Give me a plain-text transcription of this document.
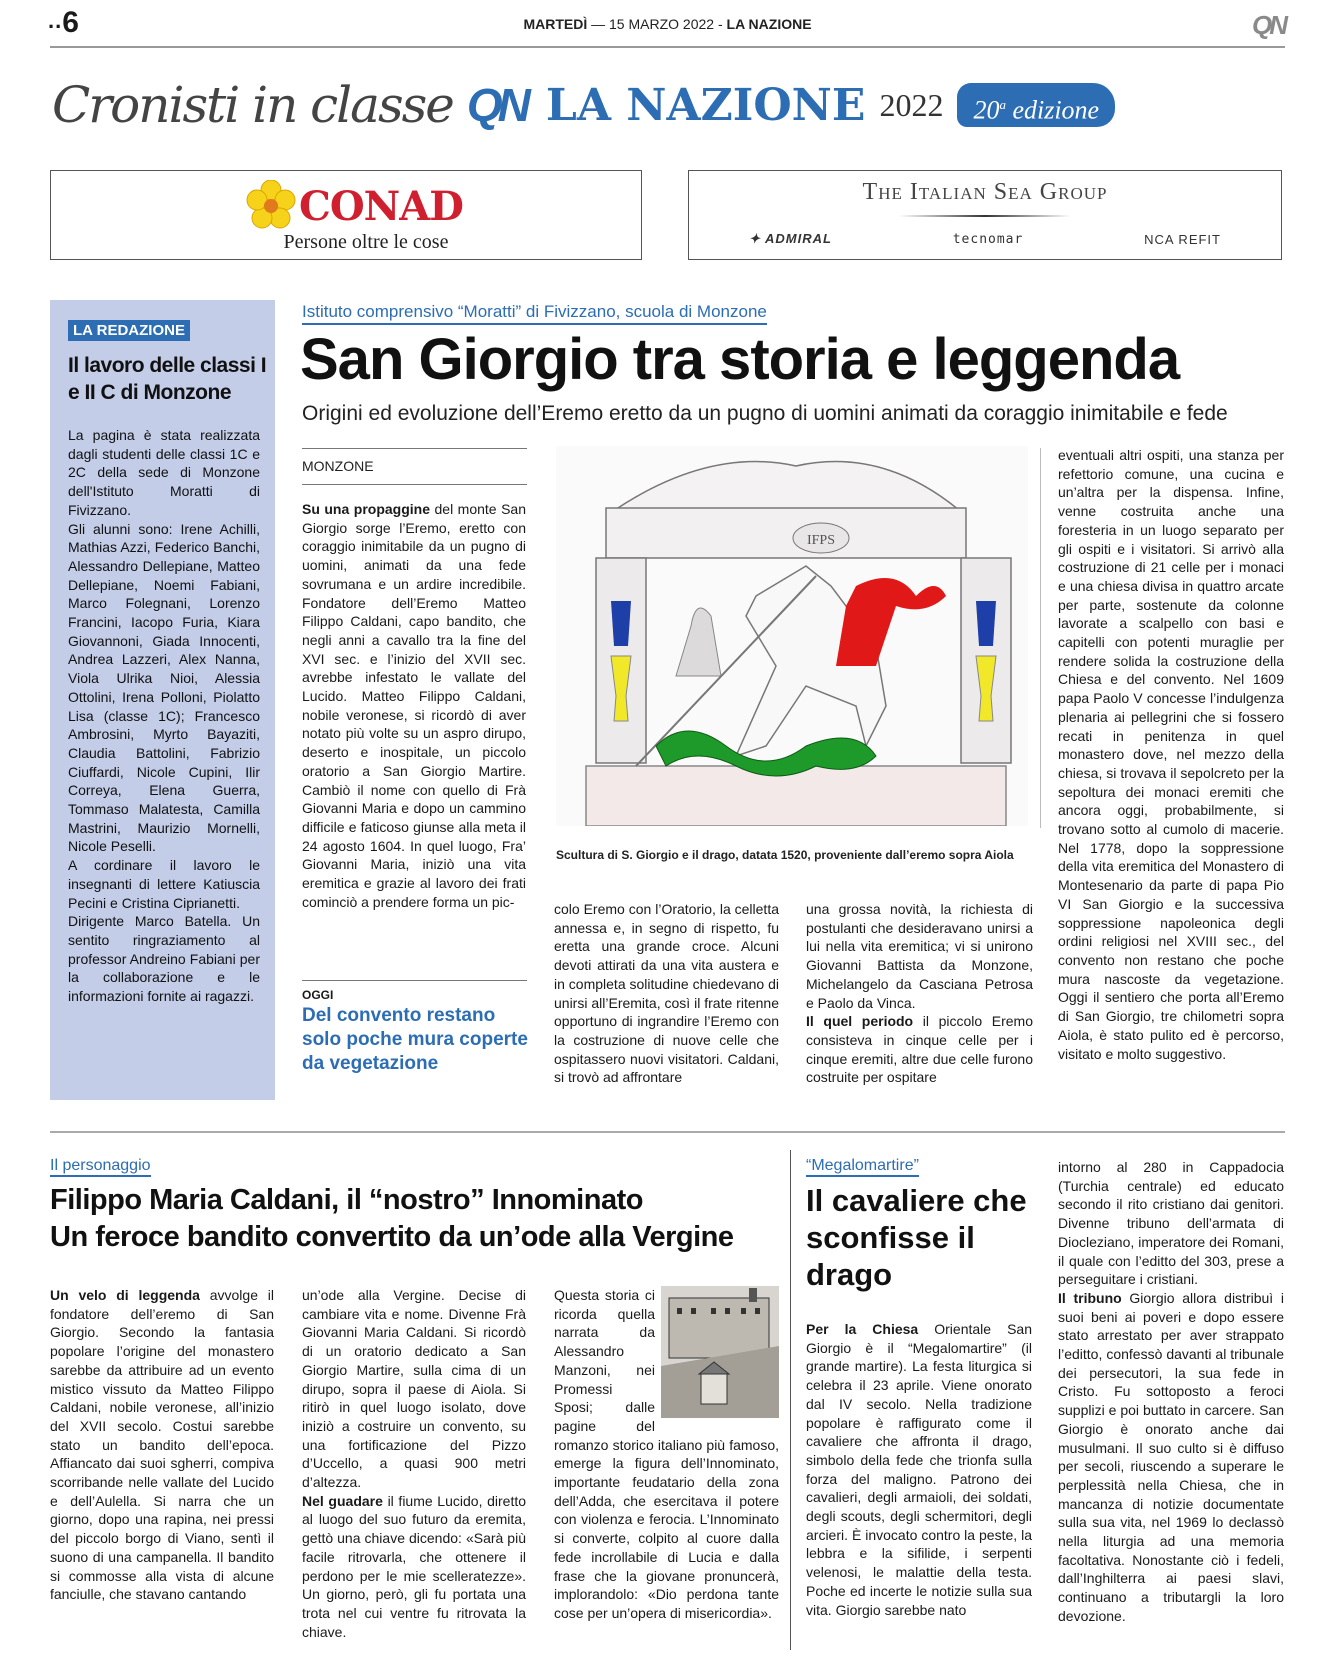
..6	MARTEDÌ — 15 MARZO 2022 - LA NAZIONE	QN
Cronisti in classe QN LA NAZIONE 2022	20$^a$ edizione
CONAD
Persone oltre le cose
The Italian Sea Group
✦ ADMIRAL	tecnomar	NCA REFIT
LA REDAZIONE
Il lavoro delle classi I e II C di Monzone

La pagina è stata realizzata dagli studenti delle classi 1C e 2C della sede di Monzone dell'Istituto Moratti di Fivizzano.

Gli alunni sono: Irene Achilli, Mathias Azzi, Federico Banchi, Alessandro Dellepiane, Matteo Dellepiane, Noemi Fabiani, Marco Folegnani, Lorenzo Francini, Iacopo Furia, Kiara Giovannoni, Giada Innocenti, Andrea Lazzeri, Alex Nanna, Viola Ulrika Nioi, Alessia Ottolini, Irena Polloni, Piolatto Lisa (classe 1C); Francesco Ambrosini, Myrto Bayaziti, Claudia Battolini, Fabrizio Ciuffardi, Nicole Cupini, Ilir Correya, Elena Guerra, Tommaso Malatesta, Camilla Mastrini, Maurizio Mornelli, Nicole Peselli.

A cordinare il lavoro le insegnanti di lettere Katiuscia Pecini e Cristina Ciprianetti.

Dirigente Marco Batella. Un sentito ringraziamento al professor Andreino Fabiani per la collaborazione e le informazioni fornite ai ragazzi.

Istituto comprensivo “Moratti” di Fivizzano, scuola di Monzone
San Giorgio tra storia e leggenda
Origini ed evoluzione dell’Eremo eretto da un pugno di uomini animati da coraggio inimitabile e fede
MONZONE

Su una propaggine del monte San Giorgio sorge l’Eremo, eretto con coraggio inimitabile da un pugno di uomini, animati da una fede sovrumana e un ardire incredibile. Fondatore dell’Eremo Matteo Filippo Caldani, capo bandito, che negli anni a cavallo tra la fine del XVI sec. e l’inizio del XVII sec. avrebbe infestato le vallate del Lucido. Matteo Filippo Caldani, nobile veronese, si ricordò di aver notato più volte su un aspro dirupo, deserto e inospitale, un piccolo oratorio a San Giorgio Martire. Cambiò il nome con quello di Frà Giovanni Maria e dopo un cammino difficile e faticoso giunse alla meta il 24 agosto 1604. In quel luogo, Fra’ Giovanni Maria, iniziò una vita eremitica e grazie al lavoro dei frati cominciò a prendere forma un pic-

OGGI
Del convento restano solo poche mura coperte da vegetazione
IFPS
Scultura di S. Giorgio e il drago, datata 1520, proveniente dall’eremo sopra Aiola

colo Eremo con l’Oratorio, la celletta annessa e, in segno di rispetto, fu eretta una grande croce. Alcuni devoti attirati da una vita austera e in completa solitudine chiedevano di unirsi all’Eremita, così il frate ritenne opportuno di ingrandire l’Eremo con la costruzione di nuove celle che ospitassero nuovi visitatori. Caldani, si trovò ad affrontare

una grossa novità, la richiesta di postulanti che desideravano unirsi a lui nella vita eremitica; vi si unirono Giovanni Battista da Monzone, Michelangelo da Casciana Petrosa e Paolo da Vinca.

Il quel periodo il piccolo Eremo consisteva in cinque celle per i cinque eremiti, altre due celle furono costruite per ospitare

eventuali altri ospiti, una stanza per refettorio comune, una cucina e un’altra per la dispensa. Infine, venne costruita anche una foresteria in un luogo separato per gli ospiti e i visitatori. Si arrivò alla costruzione di 21 celle per i monaci e una chiesa divisa in quattro arcate per parte, sostenute da colonne lavorate a scalpello con basi e capitelli con potenti muraglie per rendere solida la costruzione della Chiesa e del convento. Nel 1609 papa Paolo V concesse l’indulgenza plenaria ai pellegrini che si fossero recati in penitenza in quel monastero dove, nel mezzo della chiesa, si trovava il sepolcreto per la sepoltura dei monaci eremiti che ancora oggi, probabilmente, si trovano sotto al cumolo di macerie. Nel 1778, dopo la soppressione della vita eremitica del Monastero di Montesenario da parte di papa Pio VI San Giorgio e la successiva soppressione napoleonica degli ordini religiosi nel XVIII sec., del convento non restano che poche mura nascoste da vegetazione. Oggi il sentiero che porta all’Eremo di San Giorgio, tre chilometri sopra Aiola, è stato pulito ed è percorso, visitato e molto suggestivo.

Il personaggio
Filippo Maria Caldani, il “nostro” Innominato
Un feroce bandito convertito da un’ode alla Vergine

Un velo di leggenda avvolge il fondatore dell’eremo di San Giorgio. Secondo la fantasia popolare l’origine del monastero sarebbe da attribuire ad un evento mistico vissuto da Matteo Filippo Caldani, nobile veronese, all’inizio del XVII secolo. Costui sarebbe stato un bandito dell’epoca. Affiancato dai suoi sgherri, compiva scorribande nelle vallate del Lucido e dell’Aulella. Si narra che un giorno, dopo una rapina, nei pressi del piccolo borgo di Viano, sentì il suono di una campanella. Il bandito si commosse alla vista di alcune fanciulle, che stavano cantando

un’ode alla Vergine. Decise di cambiare vita e nome. Divenne Frà Giovanni Maria Caldani. Si ricordò di un oratorio dedicato a San Giorgio Martire, sulla cima di un dirupo, sopra il paese di Aiola. Si ritirò in quel luogo isolato, dove iniziò a costruire un convento, su una fortificazione del Pizzo d’Uccello, a quasi 900 metri d’altezza.

Nel guadare il fiume Lucido, diretto al luogo del suo futuro da eremita, gettò una chiave dicendo: «Sarà più facile ritrovarla, che ottenere il perdono per le mie scelleratezze». Un giorno, però, gli fu portata una trota nel cui ventre fu ritrovata la chiave.

Questa storia ci ricorda quella narrata da Alessandro Manzoni, nei Promessi Sposi; dalle pagine del romanzo storico italiano più famoso, emerge la figura dell’Innominato, importante feudatario della zona dell’Adda, che esercitava il potere con violenza e ferocia. L’Innominato si converte, colpito al cuore dalla fede incrollabile di Lucia e dalla frase che la giovane pronuncerà, implorandolo: «Dio perdona tante cose per un’opera di misericordia».

“Megalomartire”
Il cavaliere che sconfisse il drago

Per la Chiesa Orientale San Giorgio è il “Megalomartire” (il grande martire). La festa liturgica si celebra il 23 aprile. Viene onorato dal IV secolo. Nella tradizione popolare è raffigurato come il cavaliere che affronta il drago, simbolo della fede che trionfa sulla forza del maligno. Patrono dei cavalieri, degli armaioli, dei soldati, degli scouts, degli schermitori, degli arcieri. È invocato contro la peste, la lebbra e la sifilide, i serpenti velenosi, le malattie della testa. Poche ed incerte le notizie sulla sua vita. Giorgio sarebbe nato

intorno al 280 in Cappadocia (Turchia centrale) ed educato secondo il rito cristiano dai genitori. Divenne tribuno dell’armata di Diocleziano, imperatore dei Romani, il quale con l’editto del 303, prese a perseguitare i cristiani.

Il tribuno Giorgio allora distribuì i suoi beni ai poveri e dopo essere stato arrestato per aver strappato l’editto, confessò davanti al tribunale dei persecutori, la sua fede in Cristo. Fu sottoposto a feroci supplizi e poi buttato in carcere. San Giorgio è onorato anche dai musulmani. Il suo culto si è diffuso per secoli, riuscendo a superare le perplessità nella Chiesa, che in mancanza di notizie documentate sulla sua vita, nel 1969 lo declassò nella liturgia ad una memoria facoltativa. Nonostante ciò i fedeli, dall’Inghilterra ai paesi slavi, continuano a tributargli la loro devozione.
